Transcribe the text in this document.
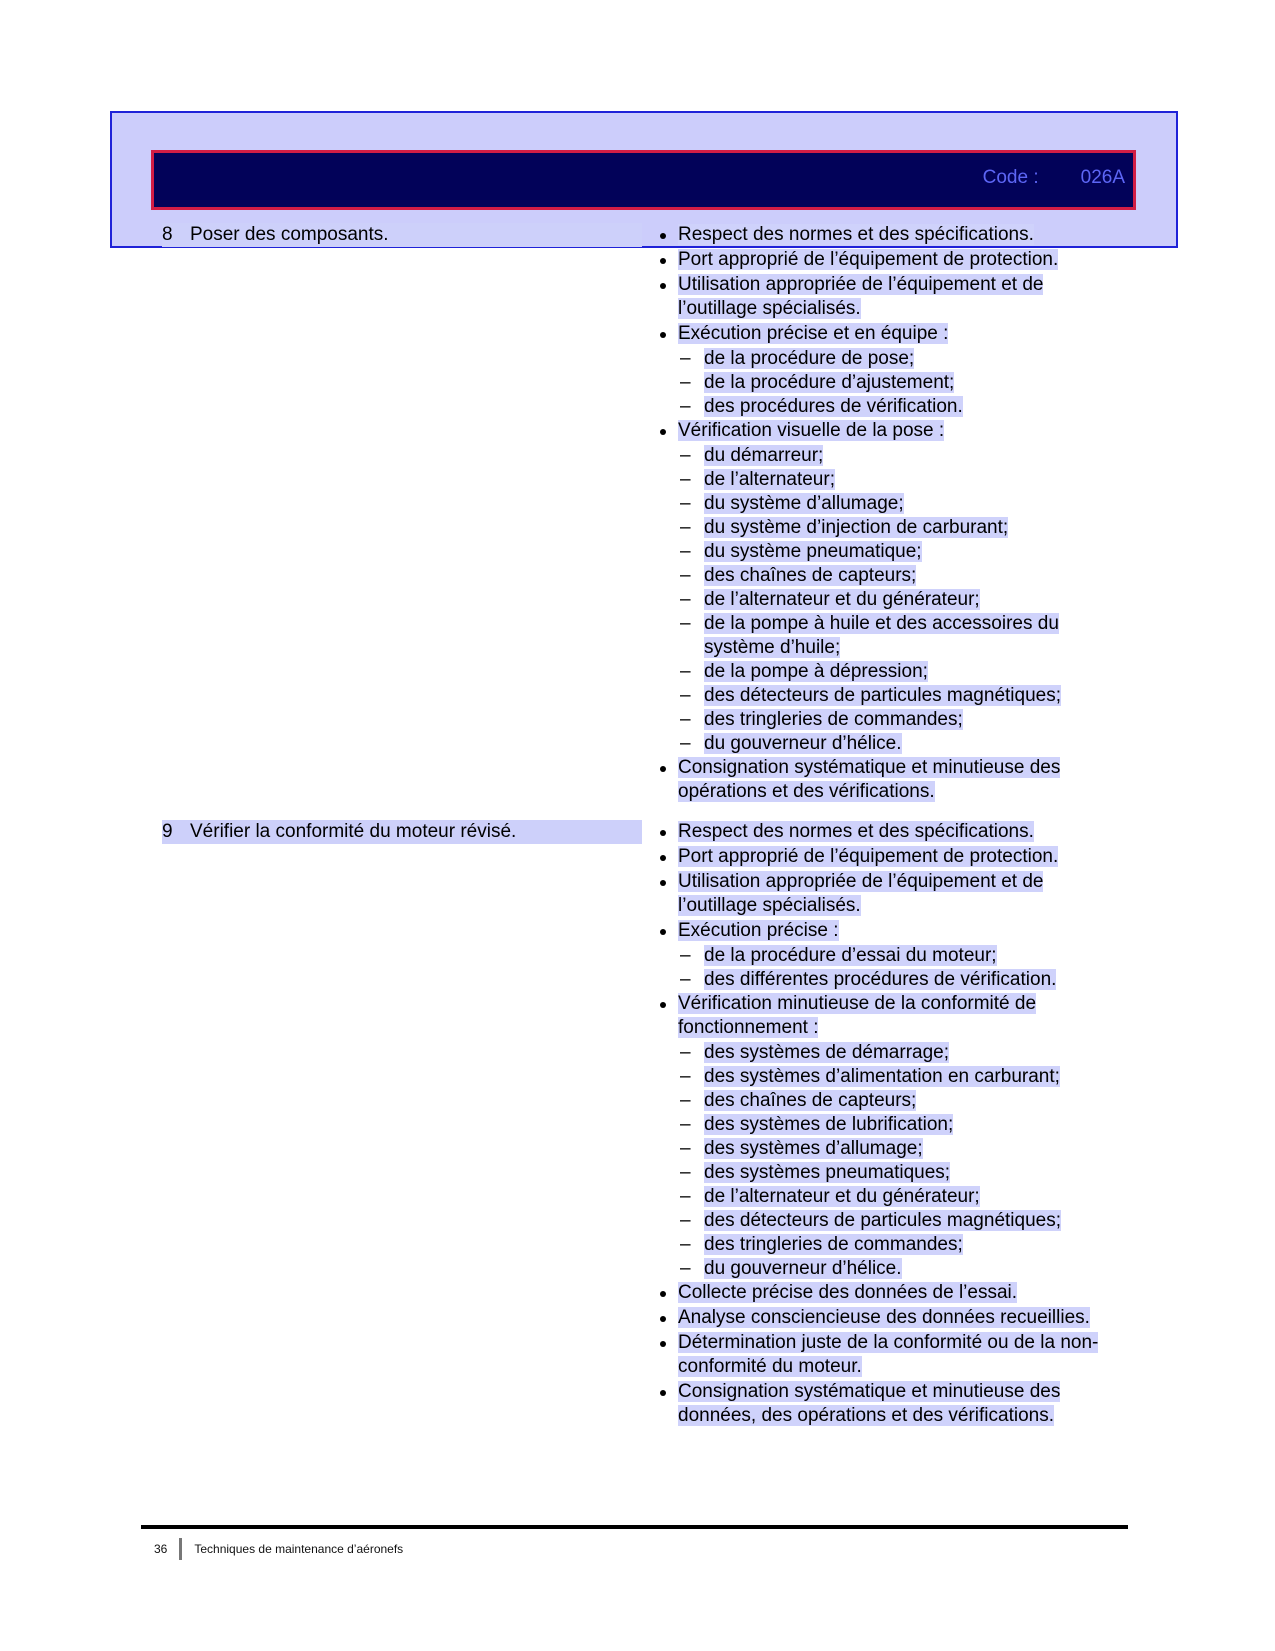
Code : 026A
8 Poser des composants.	Respect des normes et des spécifications.
Port approprié de l’équipement de protection.
Utilisation appropriée de l’équipement et de l’outillage spécialisés.
Exécution précise et en équipe :
– de la procédure de pose;
– de la procédure d’ajustement;
– des procédures de vérification.
Vérification visuelle de la pose :
– du démarreur;
– de l’alternateur;
– du système d’allumage;
– du système d’injection de carburant;
– du système pneumatique;
– des chaînes de capteurs;
– de l’alternateur et du générateur;
– de la pompe à huile et des accessoires du système d’huile;
– de la pompe à dépression;
– des détecteurs de particules magnétiques;
– des tringleries de commandes;
– du gouverneur d’hélice.
Consignation systématique et minutieuse des opérations et des vérifications.
9 Vérifier la conformité du moteur révisé.	Respect des normes et des spécifications.
Port approprié de l’équipement de protection.
Utilisation appropriée de l’équipement et de l’outillage spécialisés.
Exécution précise :
– de la procédure d’essai du moteur;
– des différentes procédures de vérification.
Vérification minutieuse de la conformité de fonctionnement :
– des systèmes de démarrage;
– des systèmes d’alimentation en carburant;
– des chaînes de capteurs;
– des systèmes de lubrification;
– des systèmes d’allumage;
– des systèmes pneumatiques;
– de l’alternateur et du générateur;
– des détecteurs de particules magnétiques;
– des tringleries de commandes;
– du gouverneur d’hélice.
Collecte précise des données de l’essai.
Analyse consciencieuse des données recueillies.
Détermination juste de la conformité ou de la non-conformité du moteur.
Consignation systématique et minutieuse des données, des opérations et des vérifications.
36 Techniques de maintenance d’aéronefs
